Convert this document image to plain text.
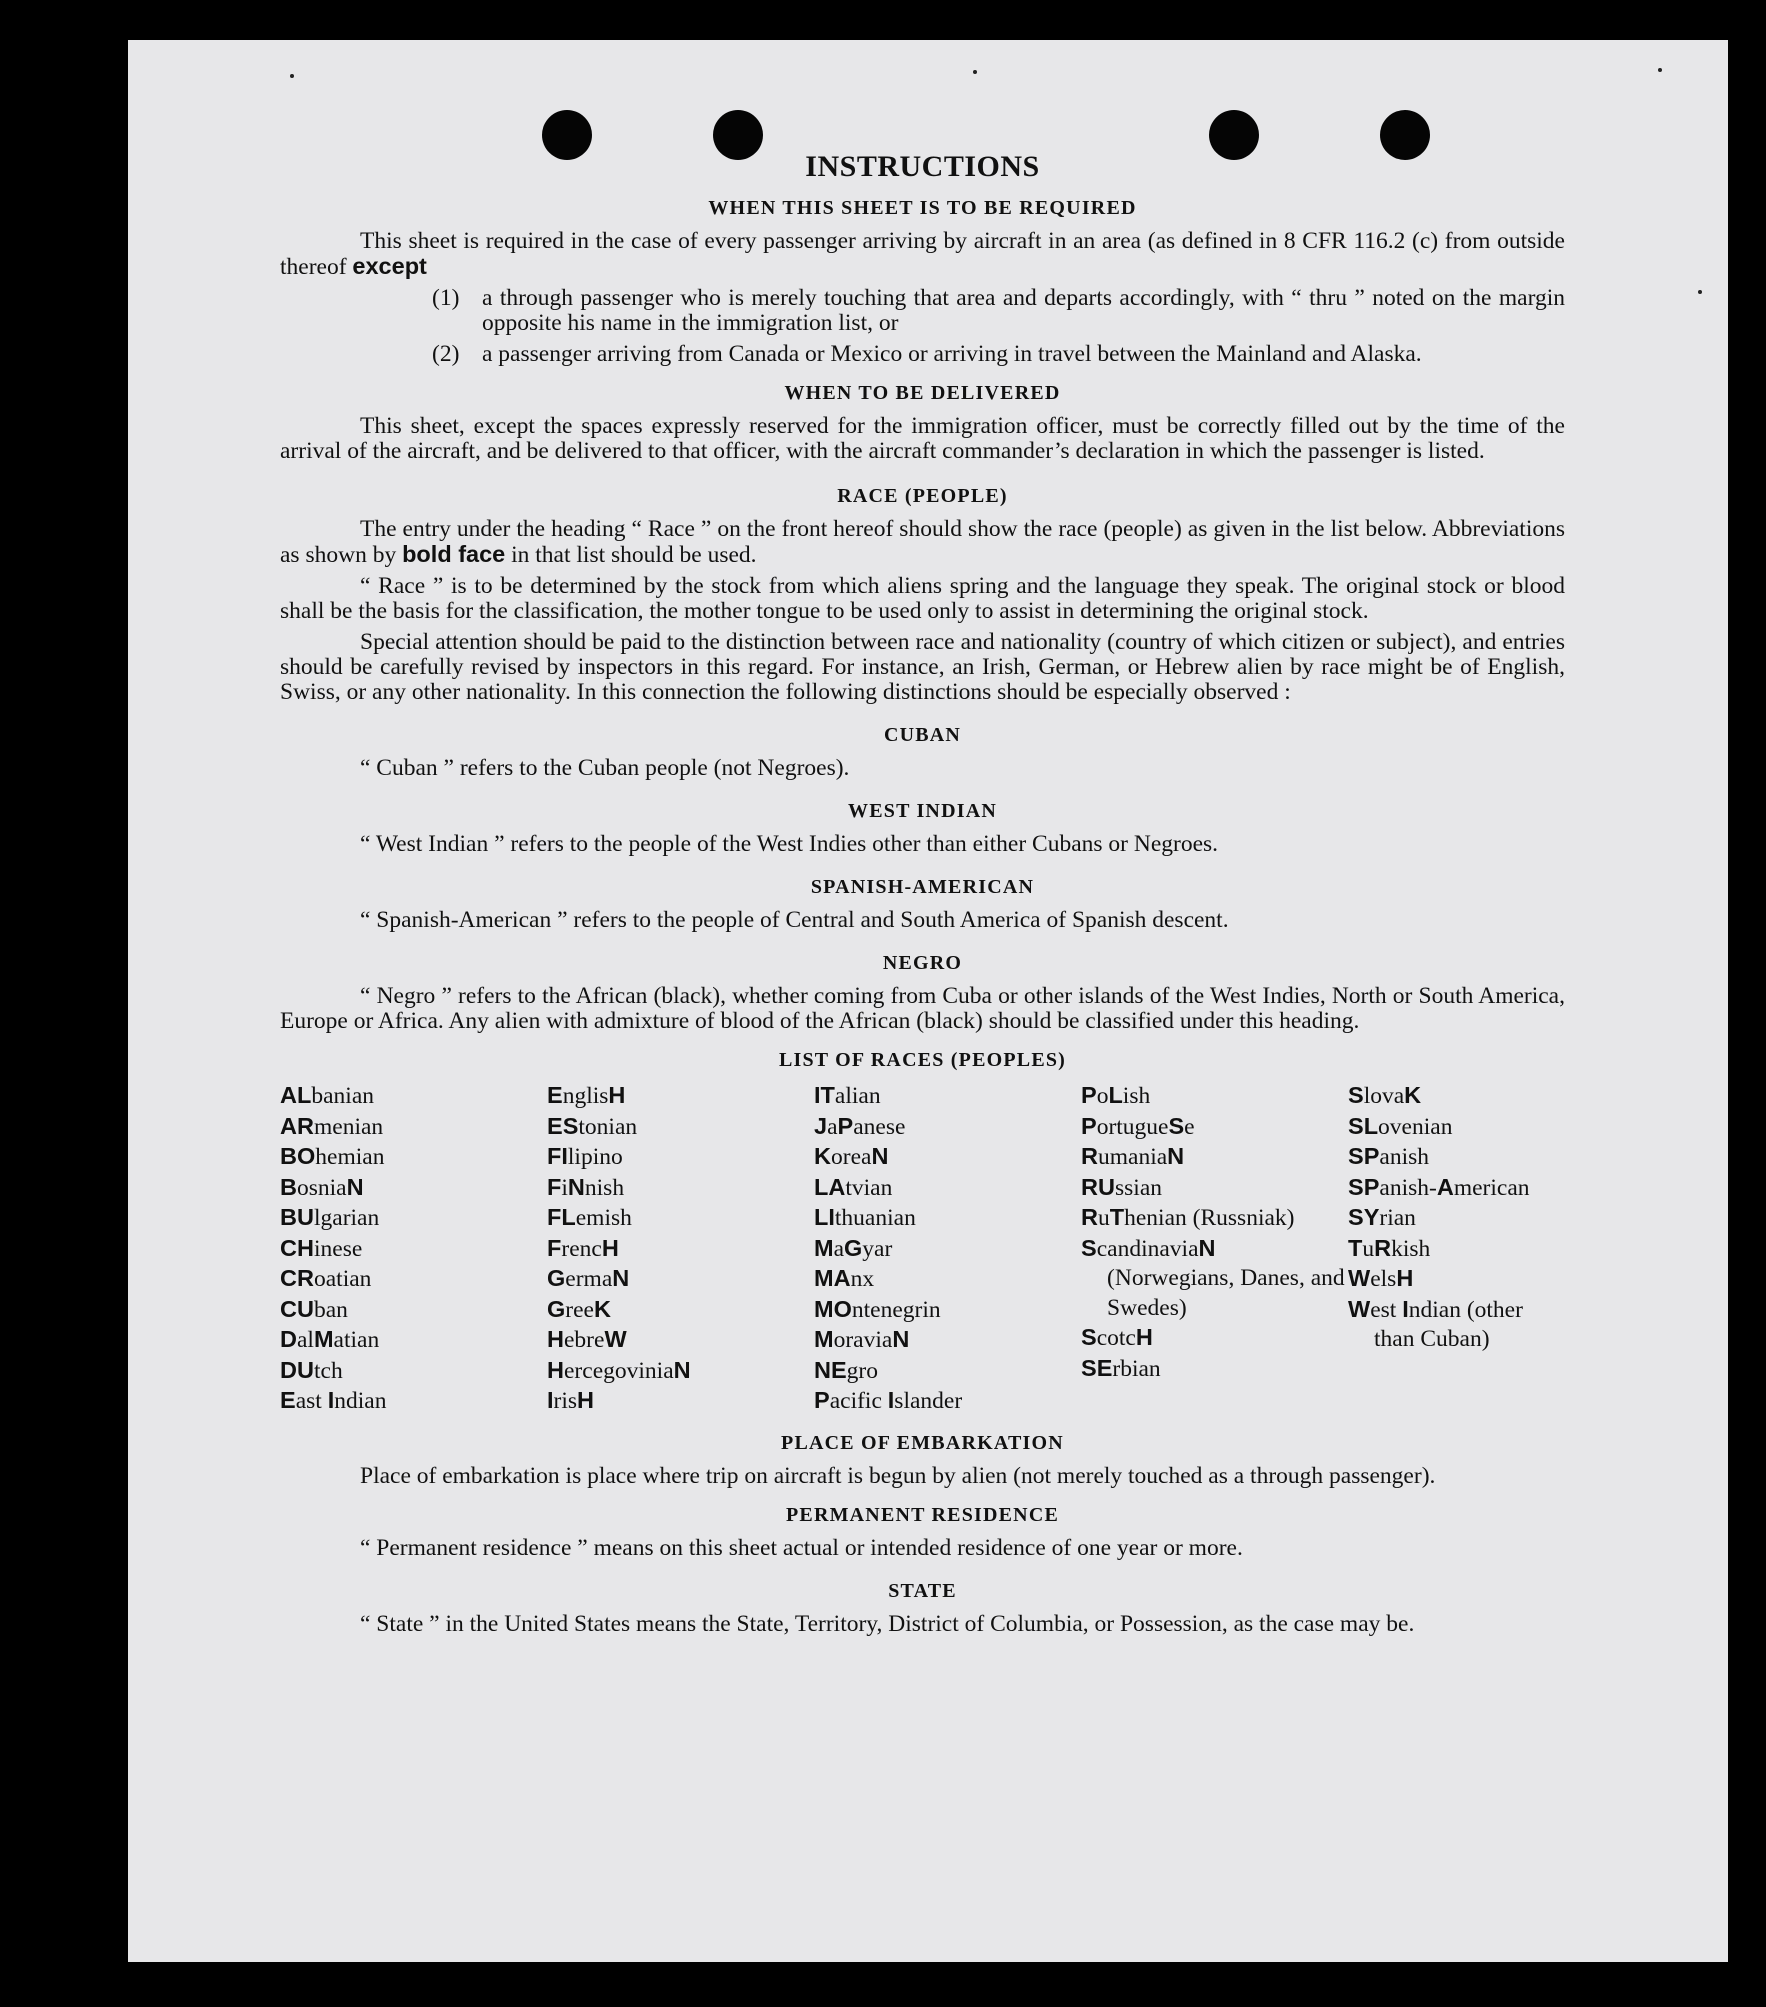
INSTRUCTIONS
WHEN THIS SHEET IS TO BE REQUIRED

This sheet is required in the case of every passenger arriving by aircraft in an area (as defined in 8 CFR 116.2 (c) from outside thereof except

(1) a through passenger who is merely touching that area and departs accordingly, with “ thru ” noted on the margin opposite his name in the immigration list, or
(2) a passenger arriving from Canada or Mexico or arriving in travel between the Mainland and Alaska.
WHEN TO BE DELIVERED

This sheet, except the spaces expressly reserved for the immigration officer, must be correctly filled out by the time of the arrival of the aircraft, and be delivered to that officer, with the aircraft commander’s declaration in which the passenger is listed.

RACE (PEOPLE)

The entry under the heading “ Race ” on the front hereof should show the race (people) as given in the list below. Abbreviations as shown by bold face in that list should be used.

“ Race ” is to be determined by the stock from which aliens spring and the language they speak. The original stock or blood shall be the basis for the classification, the mother tongue to be used only to assist in determining the original stock.

Special attention should be paid to the distinction between race and nationality (country of which citizen or subject), and entries should be carefully revised by inspectors in this regard. For instance, an Irish, German, or Hebrew alien by race might be of English, Swiss, or any other nationality. In this connection the following distinctions should be especially observed :

CUBAN

“ Cuban ” refers to the Cuban people (not Negroes).

WEST INDIAN

“ West Indian ” refers to the people of the West Indies other than either Cubans or Negroes.

SPANISH-AMERICAN

“ Spanish-American ” refers to the people of Central and South America of Spanish descent.

NEGRO

“ Negro ” refers to the African (black), whether coming from Cuba or other islands of the West Indies, North or South America, Europe or Africa. Any alien with admixture of blood of the African (black) should be classified under this heading.

LIST OF RACES (PEOPLES)
ALbanian
ARmenian
BOhemian
BosniaN
BUlgarian
CHinese
CRoatian
CUban
DalMatian
DUtch
East Indian
EnglisH
EStonian
FIlipino
FiNnish
FLemish
FrencH
GermaN
GreeK
HebreW
HercegoviniaN
IrisH
ITalian
JaPanese
KoreaN
LAtvian
LIthuanian
MaGyar
MAnx
MOntenegrin
MoraviaN
NEgro
Pacific Islander
PoLish
PortugueSe
RumaniaN
RUssian
RuThenian (Russniak)
ScandinaviaN (Norwegians, Danes, and Swedes)
ScotcH
SErbian
SlovaK
SLovenian
SPanish
SPanish-American
SYrian
TuRkish
WelsH
West Indian (other than Cuban)
PLACE OF EMBARKATION

Place of embarkation is place where trip on aircraft is begun by alien (not merely touched as a through passenger).

PERMANENT RESIDENCE

“ Permanent residence ” means on this sheet actual or intended residence of one year or more.

STATE

“ State ” in the United States means the State, Territory, District of Columbia, or Possession, as the case may be.
